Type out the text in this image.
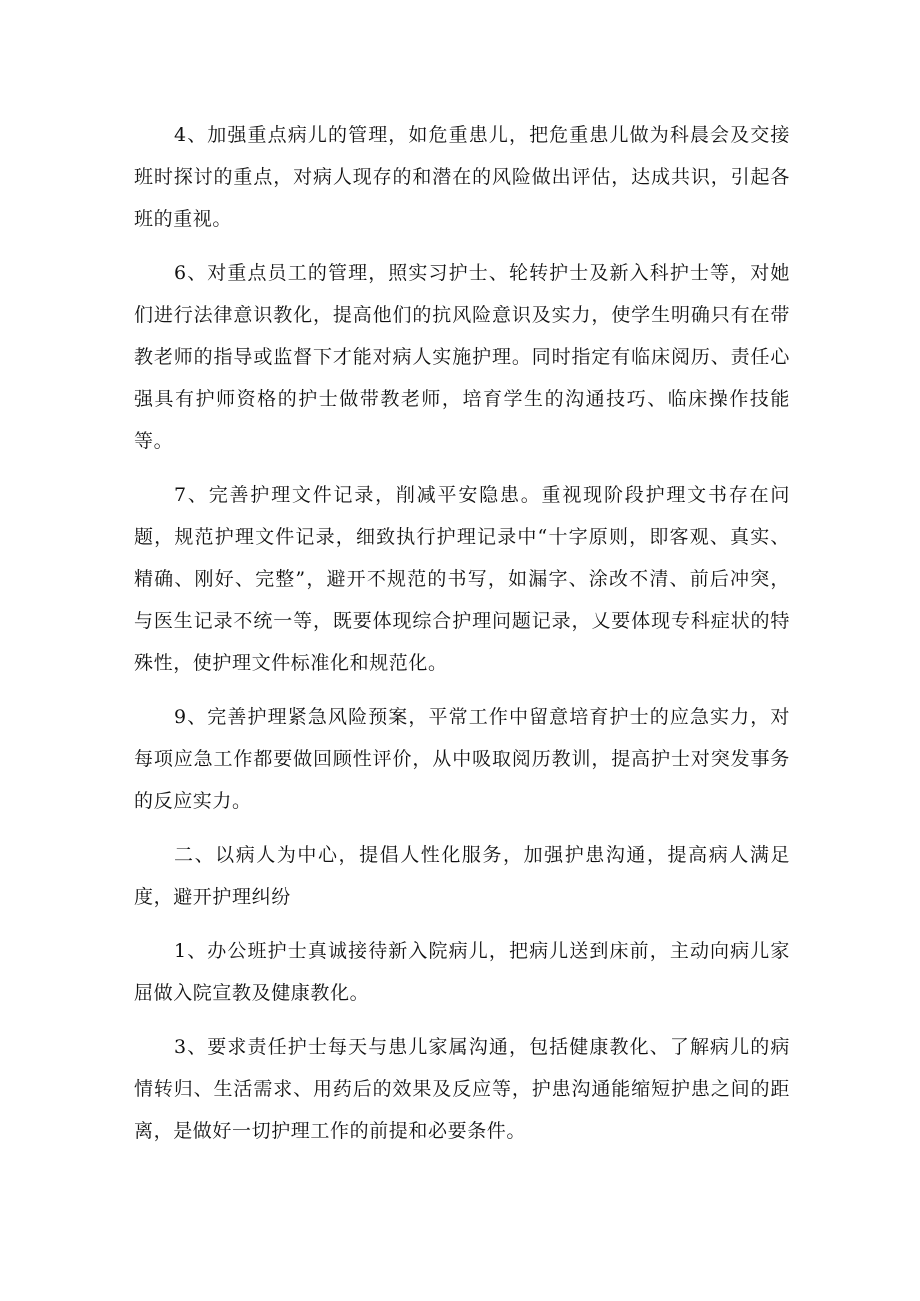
4、加强重点病儿的管理，如危重患儿，把危重患儿做为科晨会及交接班时探讨的重点，对病人现存的和潜在的风险做出评估，达成共识，引起各班的重视。

6、对重点员工的管理，照实习护士、轮转护士及新入科护士等，对她们进行法律意识教化，提高他们的抗风险意识及实力，使学生明确只有在带教老师的指导或监督下才能对病人实施护理。同时指定有临床阅历、责任心强具有护师资格的护士做带教老师，培育学生的沟通技巧、临床操作技能等。

7、完善护理文件记录，削减平安隐患。重视现阶段护理文书存在问题，规范护理文件记录，细致执行护理记录中“十字原则，即客观、真实、精确、刚好、完整”，避开不规范的书写，如漏字、涂改不清、前后冲突，与医生记录不统一等，既要体现综合护理问题记录，乂要体现专科症状的特殊性，使护理文件标准化和规范化。

9、完善护理紧急风险预案，平常工作中留意培育护士的应急实力，对每项应急工作都要做回顾性评价，从中吸取阅历教训，提高护士对突发事务的反应实力。

二、以病人为中心，提倡人性化服务，加强护患沟通，提高病人满足度，避开护理纠纷

1、办公班护士真诚接待新入院病儿，把病儿送到床前，主动向病儿家屈做入院宣教及健康教化。

3、要求责任护士每天与患儿家属沟通，包括健康教化、了解病儿的病情转归、生活需求、用药后的效果及反应等，护患沟通能缩短护患之间的距离，是做好一切护理工作的前提和必要条件。
